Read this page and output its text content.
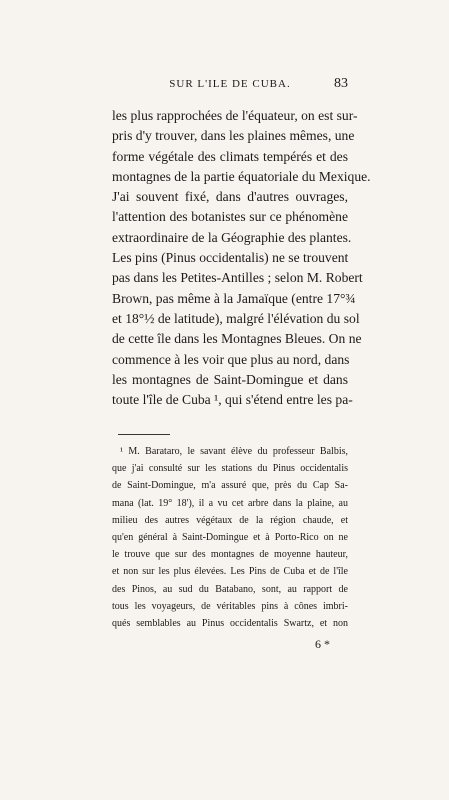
SUR L'ILE DE CUBA.	83
les plus rapprochées de l'équateur, on est sur-
pris d'y trouver, dans les plaines mêmes, une
forme végétale des climats tempérés et des
montagnes de la partie équatoriale du Mexique.
J'ai souvent fixé, dans d'autres ouvrages,
l'attention des botanistes sur ce phénomène
extraordinaire de la Géographie des plantes.
Les pins (Pinus occidentalis) ne se trouvent
pas dans les Petites-Antilles ; selon M. Robert
Brown, pas même à la Jamaïque (entre 17°¾
et 18°½ de latitude), malgré l'élévation du sol
de cette île dans les Montagnes Bleues. On ne
commence à les voir que plus au nord, dans
les montagnes de Saint-Domingue et dans
toute l'île de Cuba ¹, qui s'étend entre les pa-
¹ M. Barataro, le savant élève du professeur Balbis,
que j'ai consulté sur les stations du Pinus occidentalis
de Saint-Domingue, m'a assuré que, près du Cap Sa-
mana (lat. 19° 18'), il a vu cet arbre dans la plaine, au
milieu des autres végétaux de la région chaude, et
qu'en général à Saint-Domingue et à Porto-Rico on ne
le trouve que sur des montagnes de moyenne hauteur,
et non sur les plus élevées. Les Pins de Cuba et de l'île
des Pinos, au sud du Batabano, sont, au rapport de
tous les voyageurs, de véritables pins à cônes imbri-
qués semblables au Pinus occidentalis Swartz, et non
6 *
